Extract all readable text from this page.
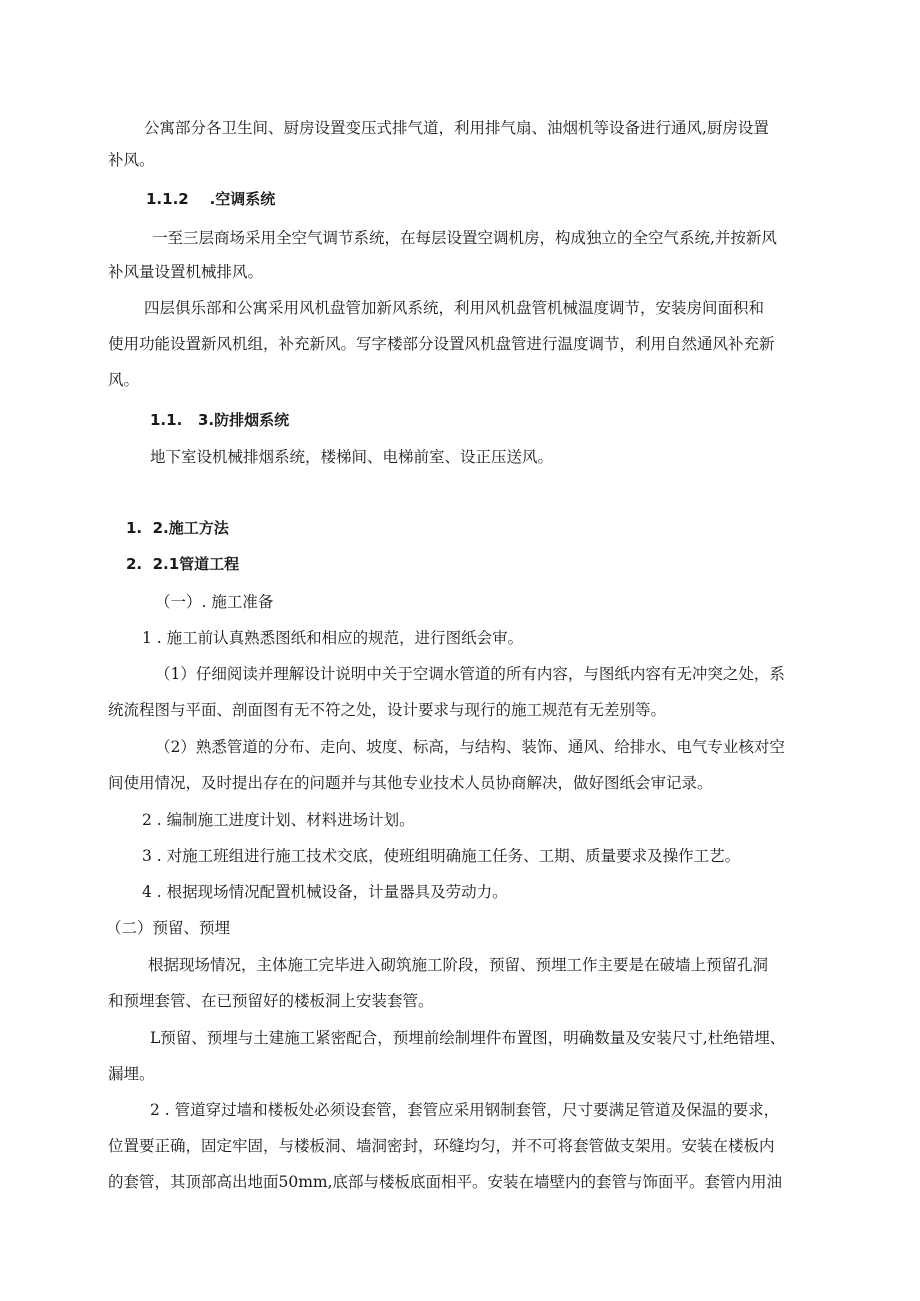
公寓部分各卫生间、厨房设置变压式排气道，利用排气扇、油烟机等设备进行通风,厨房设置
补风。
1.1.2 .空调系统
一至三层商场采用全空气调节系统，在每层设置空调机房，构成独立的全空气系统,并按新风
补风量设置机械排风。
四层俱乐部和公寓采用风机盘管加新风系统，利用风机盘管机械温度调节，安装房间面积和
使用功能设置新风机组，补充新风。写字楼部分设置风机盘管进行温度调节，利用自然通风补充新
风。
1.1. 3.防排烟系统
地下室设机械排烟系统，楼梯间、电梯前室、设正压送风。
1. 2.施工方法
2. 2.1管道工程
（一）. 施工准备
1 . 施工前认真熟悉图纸和相应的规范，进行图纸会审。
（1）仔细阅读并理解设计说明中关于空调水管道的所有内容，与图纸内容有无冲突之处，系
统流程图与平面、剖面图有无不符之处，设计要求与现行的施工规范有无差别等。
（2）熟悉管道的分布、走向、坡度、标高，与结构、装饰、通风、给排水、电气专业核对空
间使用情况，及时提出存在的问题并与其他专业技术人员协商解决，做好图纸会审记录。
2 . 编制施工进度计划、材料进场计划。
3 . 对施工班组进行施工技术交底，使班组明确施工任务、工期、质量要求及操作工艺。
4 . 根据现场情况配置机械设备，计量器具及劳动力。
（二）预留、预埋
根据现场情况，主体施工完毕进入砌筑施工阶段，预留、预埋工作主要是在破墙上预留孔洞
和预埋套管、在已预留好的楼板洞上安装套管。
L预留、预埋与土建施工紧密配合，预埋前绘制埋件布置图，明确数量及安装尺寸,杜绝错埋、
漏埋。
2 . 管道穿过墙和楼板处必须设套管，套管应采用钢制套管，尺寸要满足管道及保温的要求，
位置要正确，固定牢固，与楼板洞、墙洞密封，环缝均匀，并不可将套管做支架用。安装在楼板内
的套管，其顶部高出地面50mm,底部与楼板底面相平。安装在墙壁内的套管与饰面平。套管内用油
